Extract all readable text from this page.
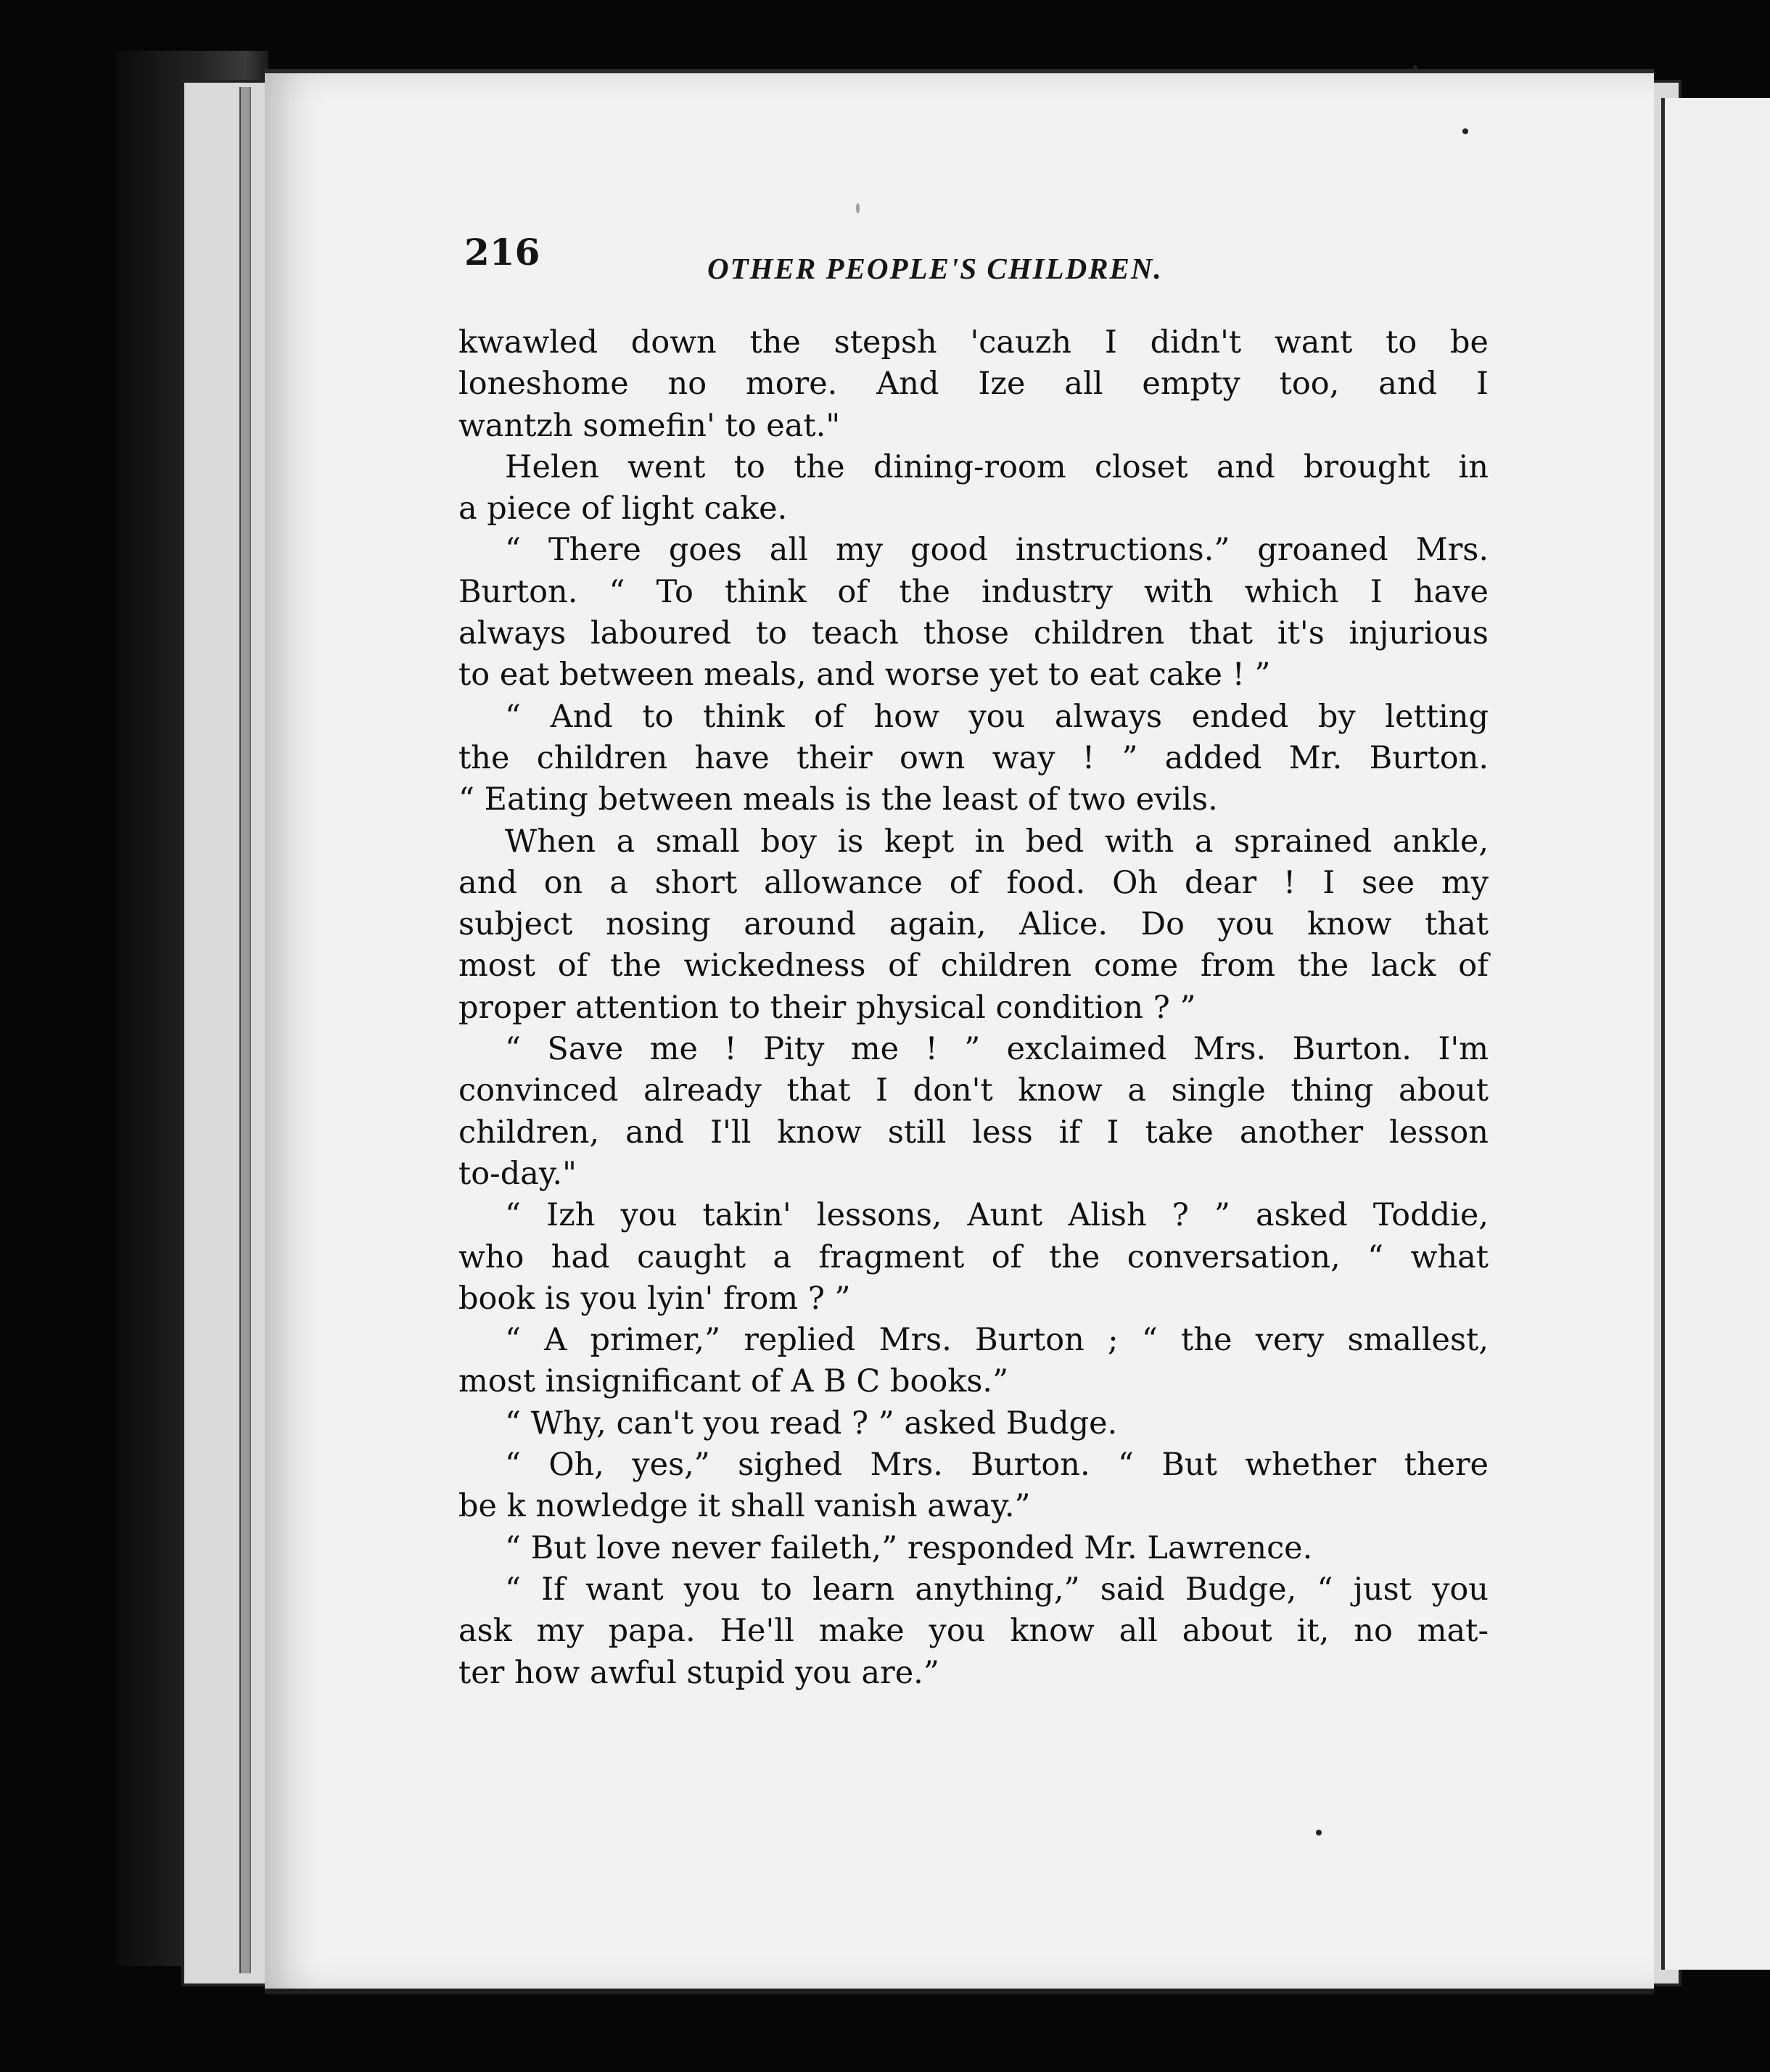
216	OTHER PEOPLE'S CHILDREN.
kwawled down the stepsh 'cauzh I didn't want to be
loneshome no more. And Ize all empty too, and I
wantzh somefin' to eat."
Helen went to the dining-room closet and brought in
a piece of light cake.
“ There goes all my good instructions.” groaned Mrs.
Burton. “ To think of the industry with which I have
always laboured to teach those children that it's injurious
to eat between meals, and worse yet to eat cake ! ”
“ And to think of how you always ended by letting
the children have their own way ! ” added Mr. Burton.
“ Eating between meals is the least of two evils.
When a small boy is kept in bed with a sprained ankle,
and on a short allowance of food. Oh dear ! I see my
subject nosing around again, Alice. Do you know that
most of the wickedness of children come from the lack of
proper attention to their physical condition ? ”
“ Save me ! Pity me ! ” exclaimed Mrs. Burton. I'm
convinced already that I don't know a single thing about
children, and I'll know still less if I take another lesson
to-day."
“ Izh you takin' lessons, Aunt Alish ? ” asked Toddie,
who had caught a fragment of the conversation, “ what
book is you lyin' from ? ”
“ A primer,” replied Mrs. Burton ; “ the very smallest,
most insignificant of A B C books.”
“ Why, can't you read ? ” asked Budge.
“ Oh, yes,” sighed Mrs. Burton. “ But whether there
be k nowledge it shall vanish away.”
“ But love never faileth,” responded Mr. Lawrence.
“ If want you to learn anything,” said Budge, “ just you
ask my papa. He'll make you know all about it, no mat-
ter how awful stupid you are.”
